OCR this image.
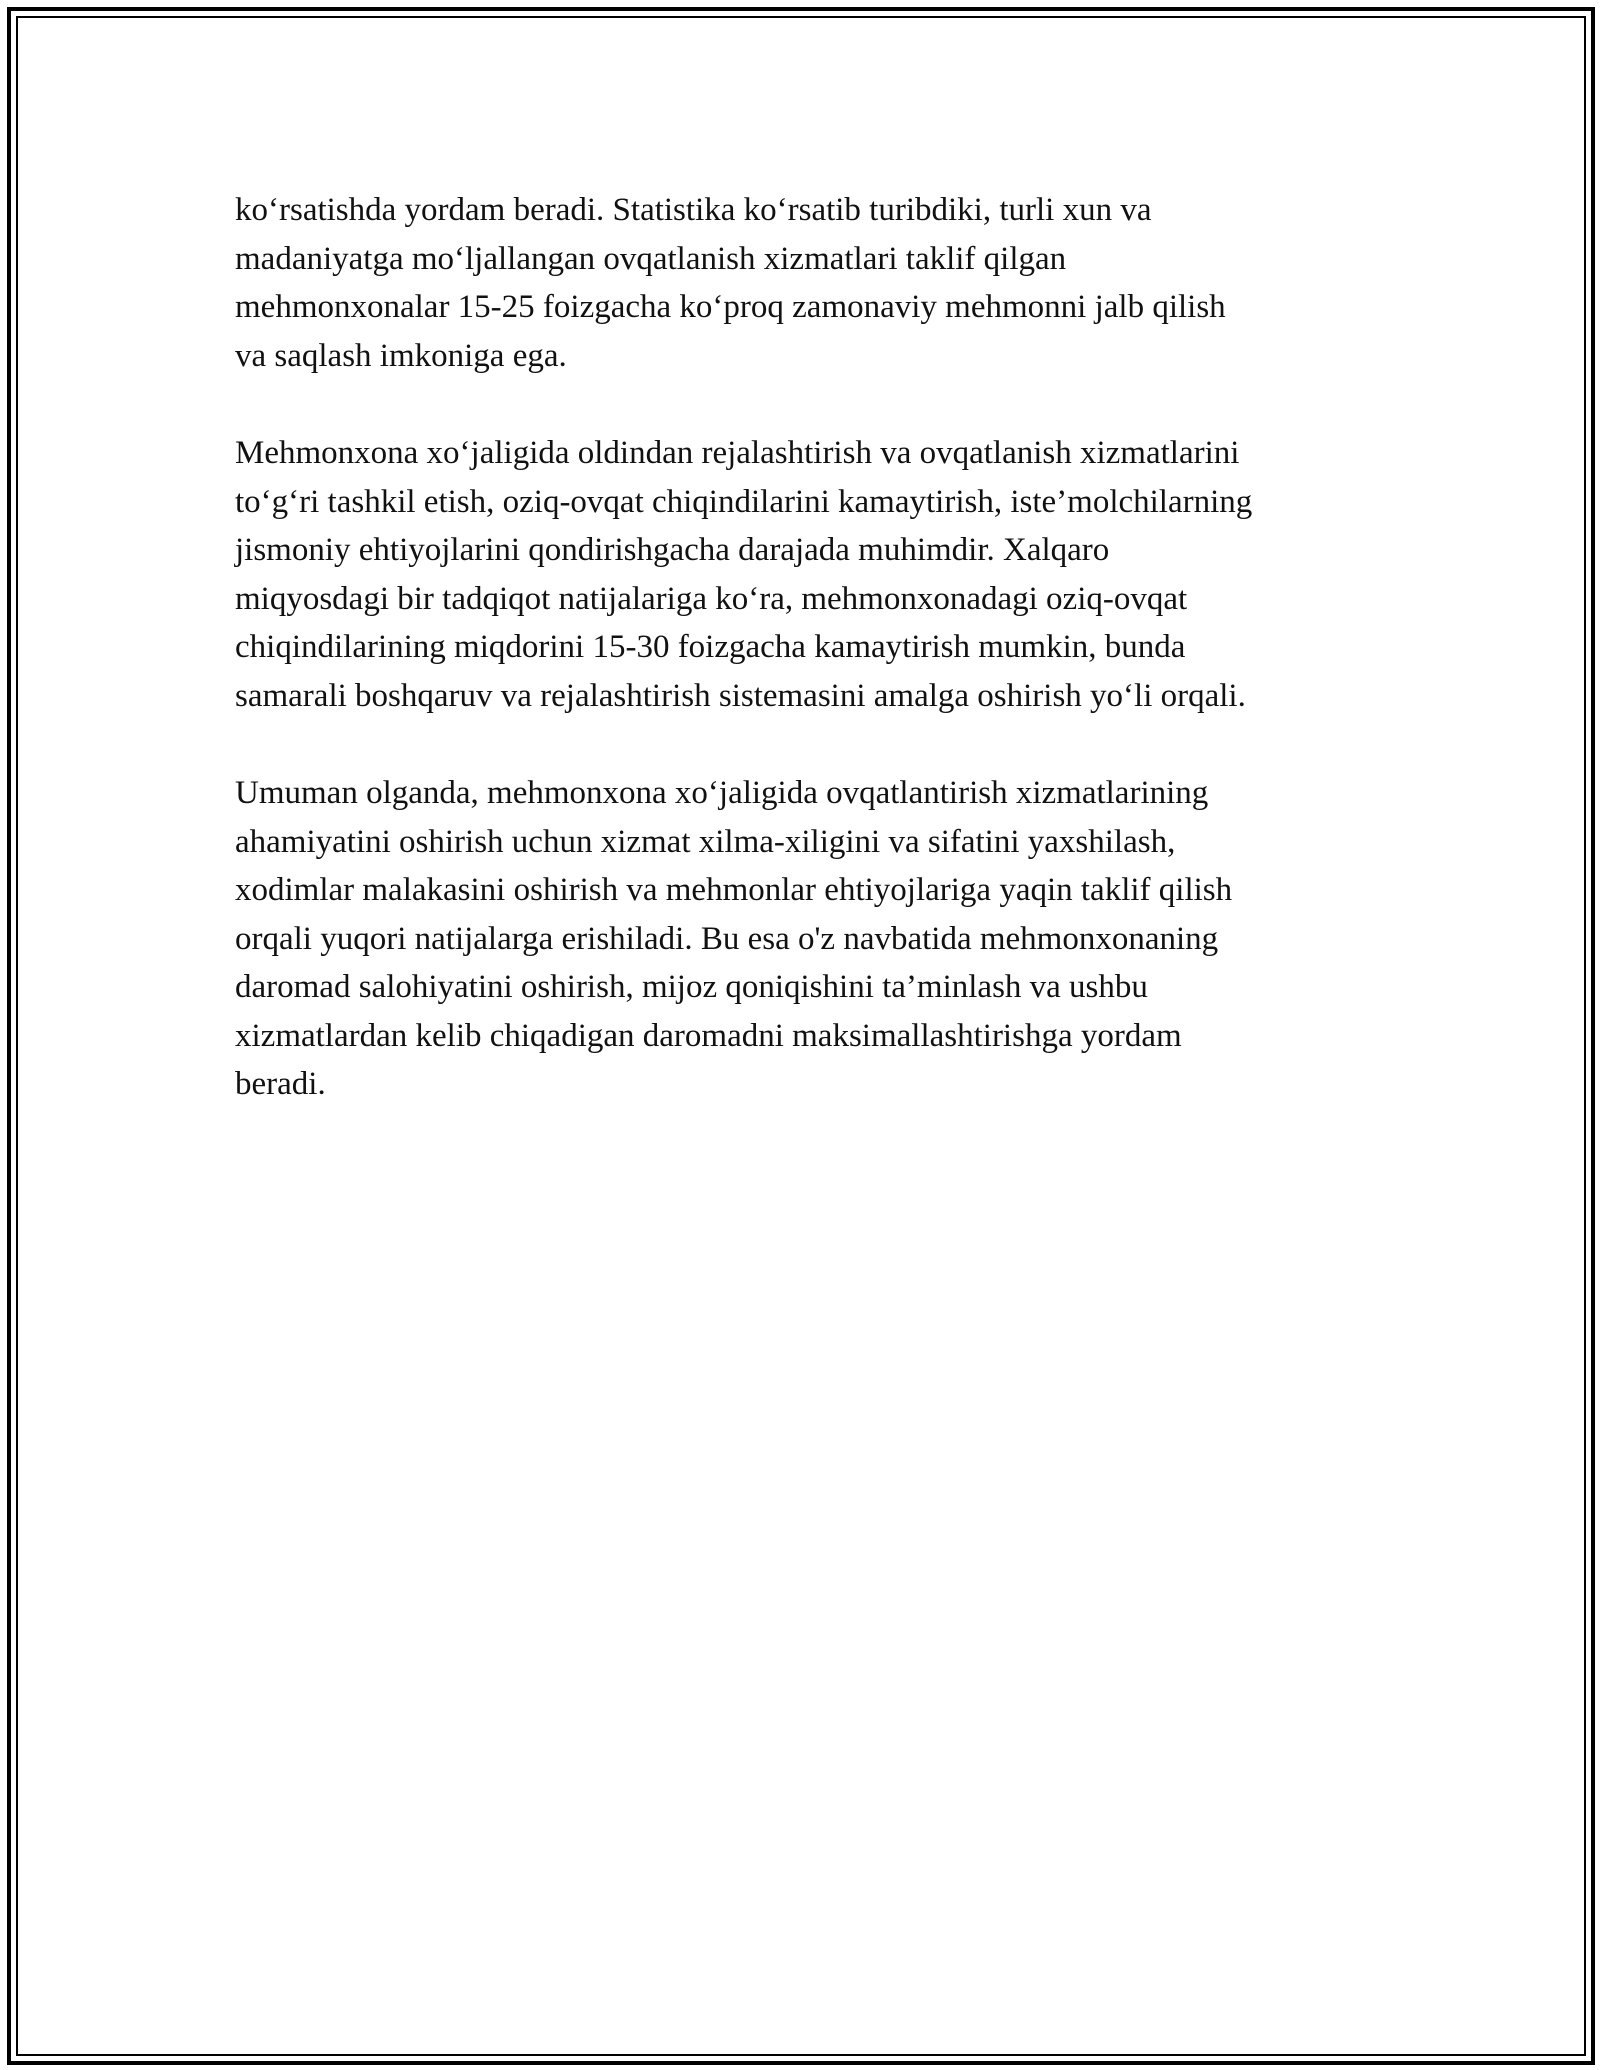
ko‘rsatishda yordam beradi. Statistika ko‘rsatib turibdiki, turli xun va
madaniyatga mo‘ljallangan ovqatlanish xizmatlari taklif qilgan
mehmonxonalar 15-25 foizgacha ko‘proq zamonaviy mehmonni jalb qilish
va saqlash imkoniga ega.

Mehmonxona xo‘jaligida oldindan rejalashtirish va ovqatlanish xizmatlarini
to‘g‘ri tashkil etish, oziq-ovqat chiqindilarini kamaytirish, iste’molchilarning
jismoniy ehtiyojlarini qondirishgacha darajada muhimdir. Xalqaro
miqyosdagi bir tadqiqot natijalariga ko‘ra, mehmonxonadagi oziq-ovqat
chiqindilarining miqdorini 15-30 foizgacha kamaytirish mumkin, bunda
samarali boshqaruv va rejalashtirish sistemasini amalga oshirish yo‘li orqali.

Umuman olganda, mehmonxona xo‘jaligida ovqatlantirish xizmatlarining
ahamiyatini oshirish uchun xizmat xilma-xiligini va sifatini yaxshilash,
xodimlar malakasini oshirish va mehmonlar ehtiyojlariga yaqin taklif qilish
orqali yuqori natijalarga erishiladi. Bu esa o'z navbatida mehmonxonaning
daromad salohiyatini oshirish, mijoz qoniqishini ta’minlash va ushbu
xizmatlardan kelib chiqadigan daromadni maksimallashtirishga yordam
beradi.
